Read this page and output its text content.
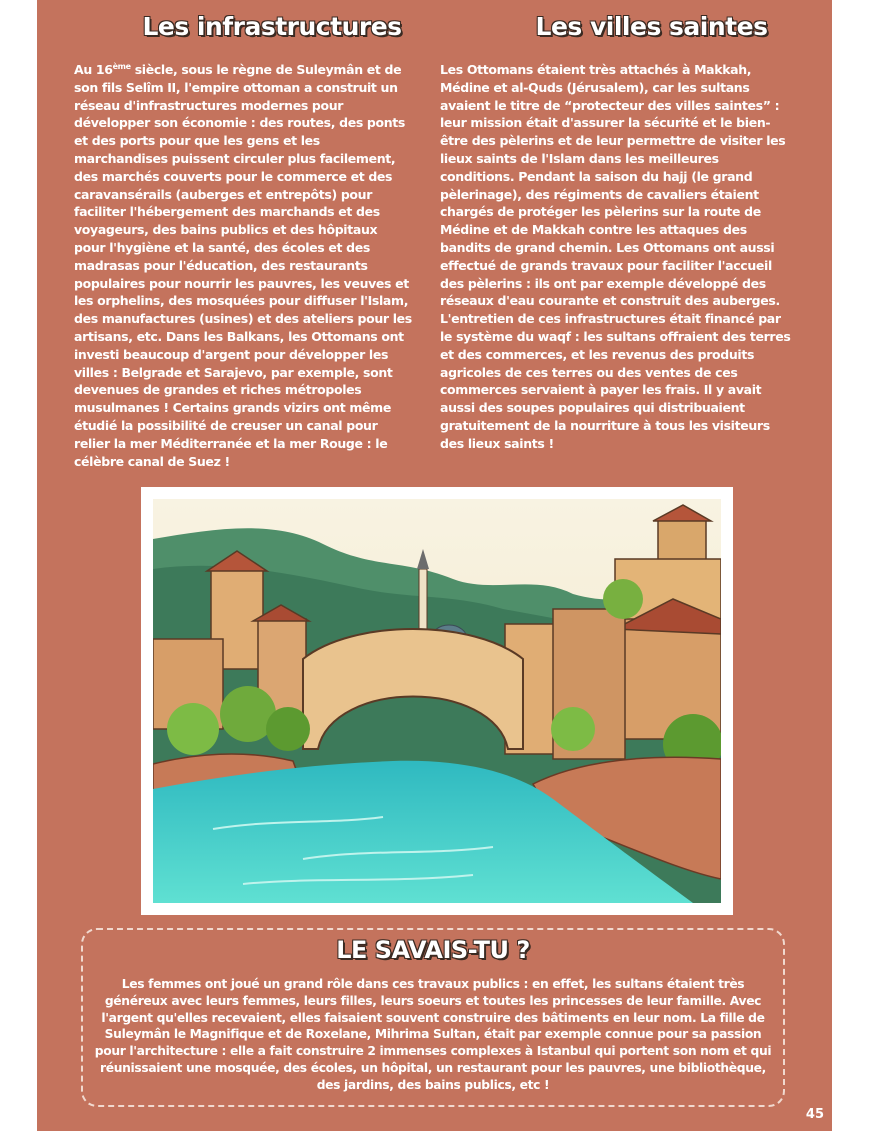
Les infrastructures	Les villes saintes

Au 16ème siècle, sous le règne de Suleymân et de son fils Selîm II, l'empire ottoman a construit un réseau d'infrastructures modernes pour développer son économie : des routes, des ponts et des ports pour que les gens et les marchandises puissent circuler plus facilement, des marchés couverts pour le commerce et des caravansérails (auberges et entrepôts) pour faciliter l'hébergement des marchands et des voyageurs, des bains publics et des hôpitaux pour l'hygiène et la santé, des écoles et des madrasas pour l'éducation, des restaurants populaires pour nourrir les pauvres, les veuves et les orphelins, des mosquées pour diffuser l'Islam, des manufactures (usines) et des ateliers pour les artisans, etc. Dans les Balkans, les Ottomans ont investi beaucoup d'argent pour développer les villes : Belgrade et Sarajevo, par exemple, sont devenues de grandes et riches métropoles musulmanes ! Certains grands vizirs ont même étudié la possibilité de creuser un canal pour relier la mer Méditerranée et la mer Rouge : le célèbre canal de Suez !

Les Ottomans étaient très attachés à Makkah, Médine et al-Quds (Jérusalem), car les sultans avaient le titre de “protecteur des villes saintes” : leur mission était d'assurer la sécurité et le bien-être des pèlerins et de leur permettre de visiter les lieux saints de l'Islam dans les meilleures conditions. Pendant la saison du hajj (le grand pèlerinage), des régiments de cavaliers étaient chargés de protéger les pèlerins sur la route de Médine et de Makkah contre les attaques des bandits de grand chemin. Les Ottomans ont aussi effectué de grands travaux pour faciliter l'accueil des pèlerins : ils ont par exemple développé des réseaux d'eau courante et construit des auberges. L'entretien de ces infrastructures était financé par le système du waqf : les sultans offraient des terres et des commerces, et les revenus des produits agricoles de ces terres ou des ventes de ces commerces servaient à payer les frais. Il y avait aussi des soupes populaires qui distribuaient gratuitement de la nourriture à tous les visiteurs des lieux saints !

LE SAVAIS-TU ?

Les femmes ont joué un grand rôle dans ces travaux publics : en effet, les sultans étaient très généreux avec leurs femmes, leurs filles, leurs soeurs et toutes les princesses de leur famille. Avec l'argent qu'elles recevaient, elles faisaient souvent construire des bâtiments en leur nom. La fille de Suleymân le Magnifique et de Roxelane, Mihrima Sultan, était par exemple connue pour sa passion pour l'architecture : elle a fait construire 2 immenses complexes à Istanbul qui portent son nom et qui réunissaient une mosquée, des écoles, un hôpital, un restaurant pour les pauvres, une bibliothèque, des jardins, des bains publics, etc !

45
